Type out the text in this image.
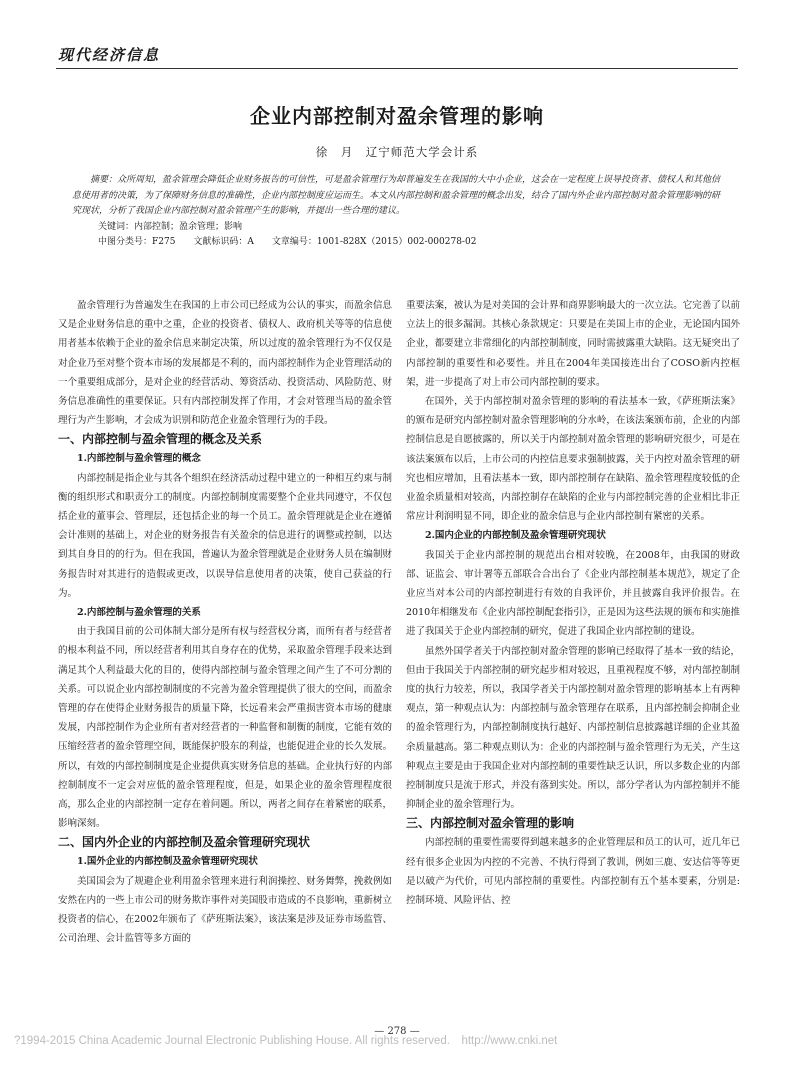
现代经济信息
企业内部控制对盈余管理的影响
徐　月　辽宁师范大学会计系

摘要：众所周知，盈余管理会降低企业财务报告的可信性，可是盈余管理行为却普遍发生在我国的大中小企业，这会在一定程度上误导投资者、债权人和其他信息使用者的决策，为了保障财务信息的准确性，企业内部控制度应运而生。本文从内部控制和盈余管理的概念出发，结合了国内外企业内部控制对盈余管理影响的研究现状，分析了我国企业内部控制对盈余管理产生的影响，并提出一些合理的建议。

关键词：内部控制；盈余管理；影响

中图分类号：F275　　文献标识码：A　　文章编号：1001-828X（2015）002-000278-02

盈余管理行为普遍发生在我国的上市公司已经成为公认的事实，而盈余信息又是企业财务信息的重中之重，企业的投资者、债权人、政府机关等等的信息使用者基本依赖于企业的盈余信息来制定决策，所以过度的盈余管理行为不仅仅是对企业乃至对整个资本市场的发展都是不利的，而内部控制作为企业管理活动的一个重要组成部分，是对企业的经营活动、筹资活动、投资活动、风险防范、财务信息准确性的重要保证。只有内部控制发挥了作用，才会对管理当局的盈余管理行为产生影响，才会成为识别和防范企业盈余管理行为的手段。

一、内部控制与盈余管理的概念及关系
1.内部控制与盈余管理的概念

内部控制是指企业与其各个组织在经济活动过程中建立的一种相互约束与制衡的组织形式和职责分工的制度。内部控制制度需要整个企业共同遵守，不仅包括企业的董事会、管理层，还包括企业的每一个员工。盈余管理就是企业在遵循会计准则的基础上，对企业的财务报告有关盈余的信息进行的调整或控制，以达到其自身目的的行为。但在我国，普遍认为盈余管理就是企业财务人员在编制财务报告时对其进行的造假或更改，以误导信息使用者的决策，使自己获益的行为。

2.内部控制与盈余管理的关系

由于我国目前的公司体制大部分是所有权与经营权分离，而所有者与经营者的根本利益不同，所以经营者利用其自身存在的优势，采取盈余管理手段来达到满足其个人利益最大化的目的，使得内部控制与盈余管理之间产生了不可分割的关系。可以说企业内部控制制度的不完善为盈余管理提供了很大的空间，而盈余管理的存在使得企业财务报告的质量下降，长远看来会严重损害资本市场的健康发展，内部控制作为企业所有者对经营者的一种监督和制衡的制度，它能有效的压缩经营者的盈余管理空间，既能保护股东的利益，也能促进企业的长久发展。所以，有效的内部控制制度是企业提供真实财务信息的基础。企业执行好的内部控制制度不一定会对应低的盈余管理程度，但是，如果企业的盈余管理程度很高，那么企业的内部控制一定存在着问题。所以，两者之间存在着紧密的联系，影响深刻。

二、国内外企业的内部控制及盈余管理研究现状
1.国外企业的内部控制及盈余管理研究现状

美国国会为了规避企业利用盈余管理来进行利润操控、财务舞弊，挽救例如安然在内的一些上市公司的财务欺诈事件对美国股市造成的不良影响，重新树立投资者的信心，在2002年颁布了《萨班斯法案》，该法案是涉及证券市场监管、公司治理、会计监管等多方面的

重要法案，被认为是对美国的会计界和商界影响最大的一次立法。它完善了以前立法上的很多漏洞。其核心条款规定：只要是在美国上市的企业，无论国内国外企业，都要建立非常细化的内部控制制度，同时需披露重大缺陷。这无疑突出了内部控制的重要性和必要性。并且在2004年美国接连出台了COSO新内控框架，进一步提高了对上市公司内部控制的要求。

在国外，关于内部控制对盈余管理的影响的看法基本一致，《萨班斯法案》的颁布是研究内部控制对盈余管理影响的分水岭，在该法案颁布前，企业的内部控制信息是自愿披露的，所以关于内部控制对盈余管理的影响研究很少，可是在该法案颁布以后，上市公司的内控信息要求强制披露，关于内控对盈余管理的研究也相应增加，且看法基本一致，即内部控制存在缺陷、盈余管理程度较低的企业盈余质量相对较高，内部控制存在缺陷的企业与内部控制完善的企业相比非正常应计利润明显不同，即企业的盈余信息与企业内部控制有紧密的关系。

2.国内企业的内部控制及盈余管理研究现状

我国关于企业内部控制的规范出台相对较晚，在2008年，由我国的财政部、证监会、审计署等五部联合合出台了《企业内部控制基本规范》，规定了企业应当对本公司的内部控制进行有效的自我评价，并且披露自我评价报告。在2010年相继发布《企业内部控制配套指引》，正是因为这些法规的颁布和实施推进了我国关于企业内部控制的研究，促进了我国企业内部控制的建设。

虽然外国学者关于内部控制对盈余管理的影响已经取得了基本一致的结论，但由于我国关于内部控制的研究起步相对较迟，且重视程度不够，对内部控制制度的执行力较差，所以，我国学者关于内部控制对盈余管理的影响基本上有两种观点，第一种观点认为：内部控制与盈余管理存在联系，且内部控制会抑制企业的盈余管理行为，内部控制制度执行越好、内部控制信息披露越详细的企业其盈余质量越高。第二种观点则认为：企业的内部控制与盈余管理行为无关，产生这种观点主要是由于我国企业对内部控制的重要性缺乏认识，所以多数企业的内部控制制度只是流于形式，并没有落到实处。所以，部分学者认为内部控制并不能抑制企业的盈余管理行为。

三、内部控制对盈余管理的影响

内部控制的重要性需要得到越来越多的企业管理层和员工的认可，近几年已经有很多企业因为内控的不完善、不执行得到了教训，例如三鹿、安达信等等更是以破产为代价，可见内部控制的重要性。内部控制有五个基本要素，分别是:控制环境、风险评估、控

— 278 —
?1994-2015 China Academic Journal Electronic Publishing House. All rights reserved.　http://www.cnki.net
